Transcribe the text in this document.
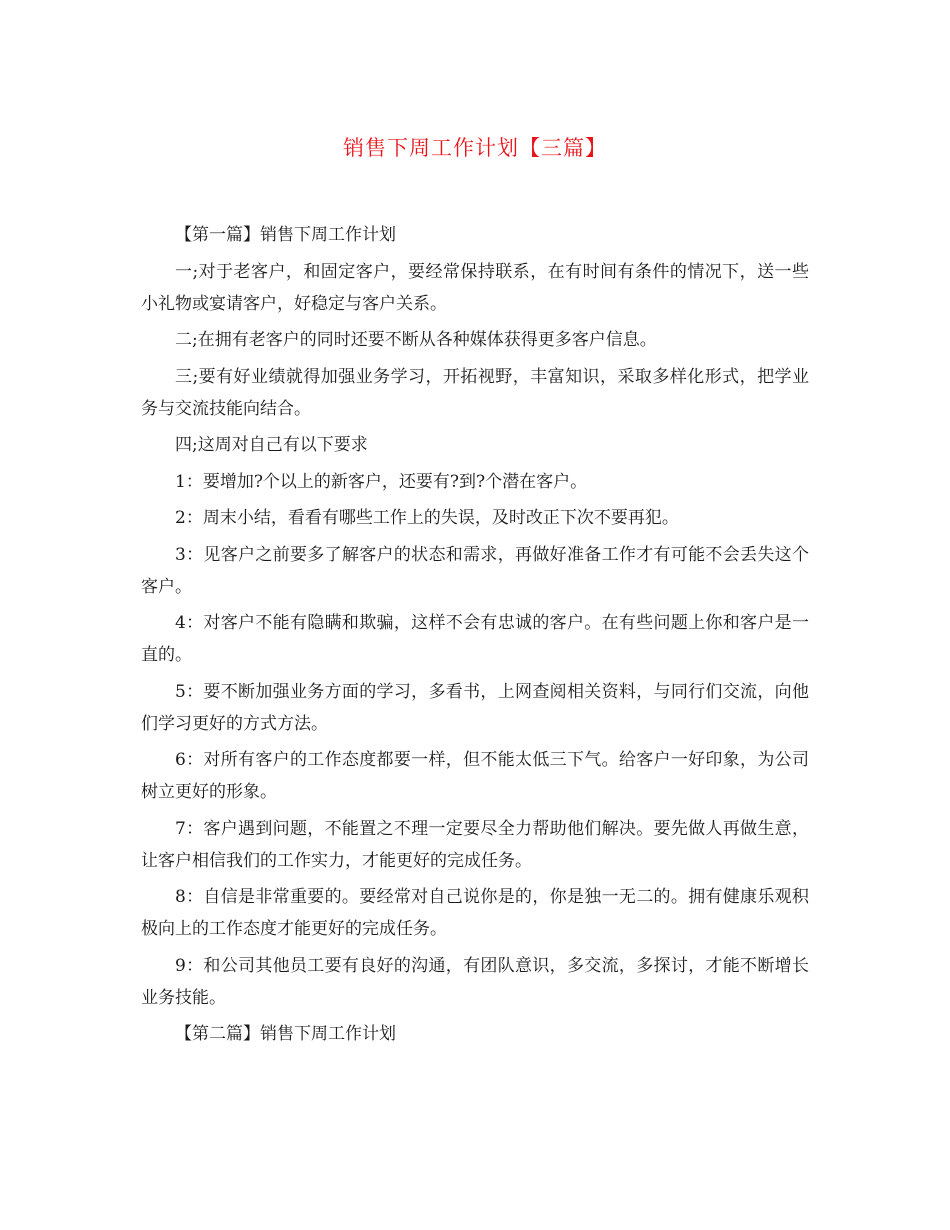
销售下周工作计划【三篇】

【第一篇】销售下周工作计划

一;对于老客户，和固定客户，要经常保持联系，在有时间有条件的情况下，送一些小礼物或宴请客户，好稳定与客户关系。

二;在拥有老客户的同时还要不断从各种媒体获得更多客户信息。

三;要有好业绩就得加强业务学习，开拓视野，丰富知识，采取多样化形式，把学业务与交流技能向结合。

四;这周对自己有以下要求

1：要增加?个以上的新客户，还要有?到?个潜在客户。

2：周末小结，看看有哪些工作上的失误，及时改正下次不要再犯。

3：见客户之前要多了解客户的状态和需求，再做好准备工作才有可能不会丢失这个客户。

4：对客户不能有隐瞒和欺骗，这样不会有忠诚的客户。在有些问题上你和客户是一直的。

5：要不断加强业务方面的学习，多看书，上网查阅相关资料，与同行们交流，向他们学习更好的方式方法。

6：对所有客户的工作态度都要一样，但不能太低三下气。给客户一好印象，为公司树立更好的形象。

7：客户遇到问题，不能置之不理一定要尽全力帮助他们解决。要先做人再做生意，让客户相信我们的工作实力，才能更好的完成任务。

8：自信是非常重要的。要经常对自己说你是的，你是独一无二的。拥有健康乐观积极向上的工作态度才能更好的完成任务。

9：和公司其他员工要有良好的沟通，有团队意识，多交流，多探讨，才能不断增长业务技能。

【第二篇】销售下周工作计划
